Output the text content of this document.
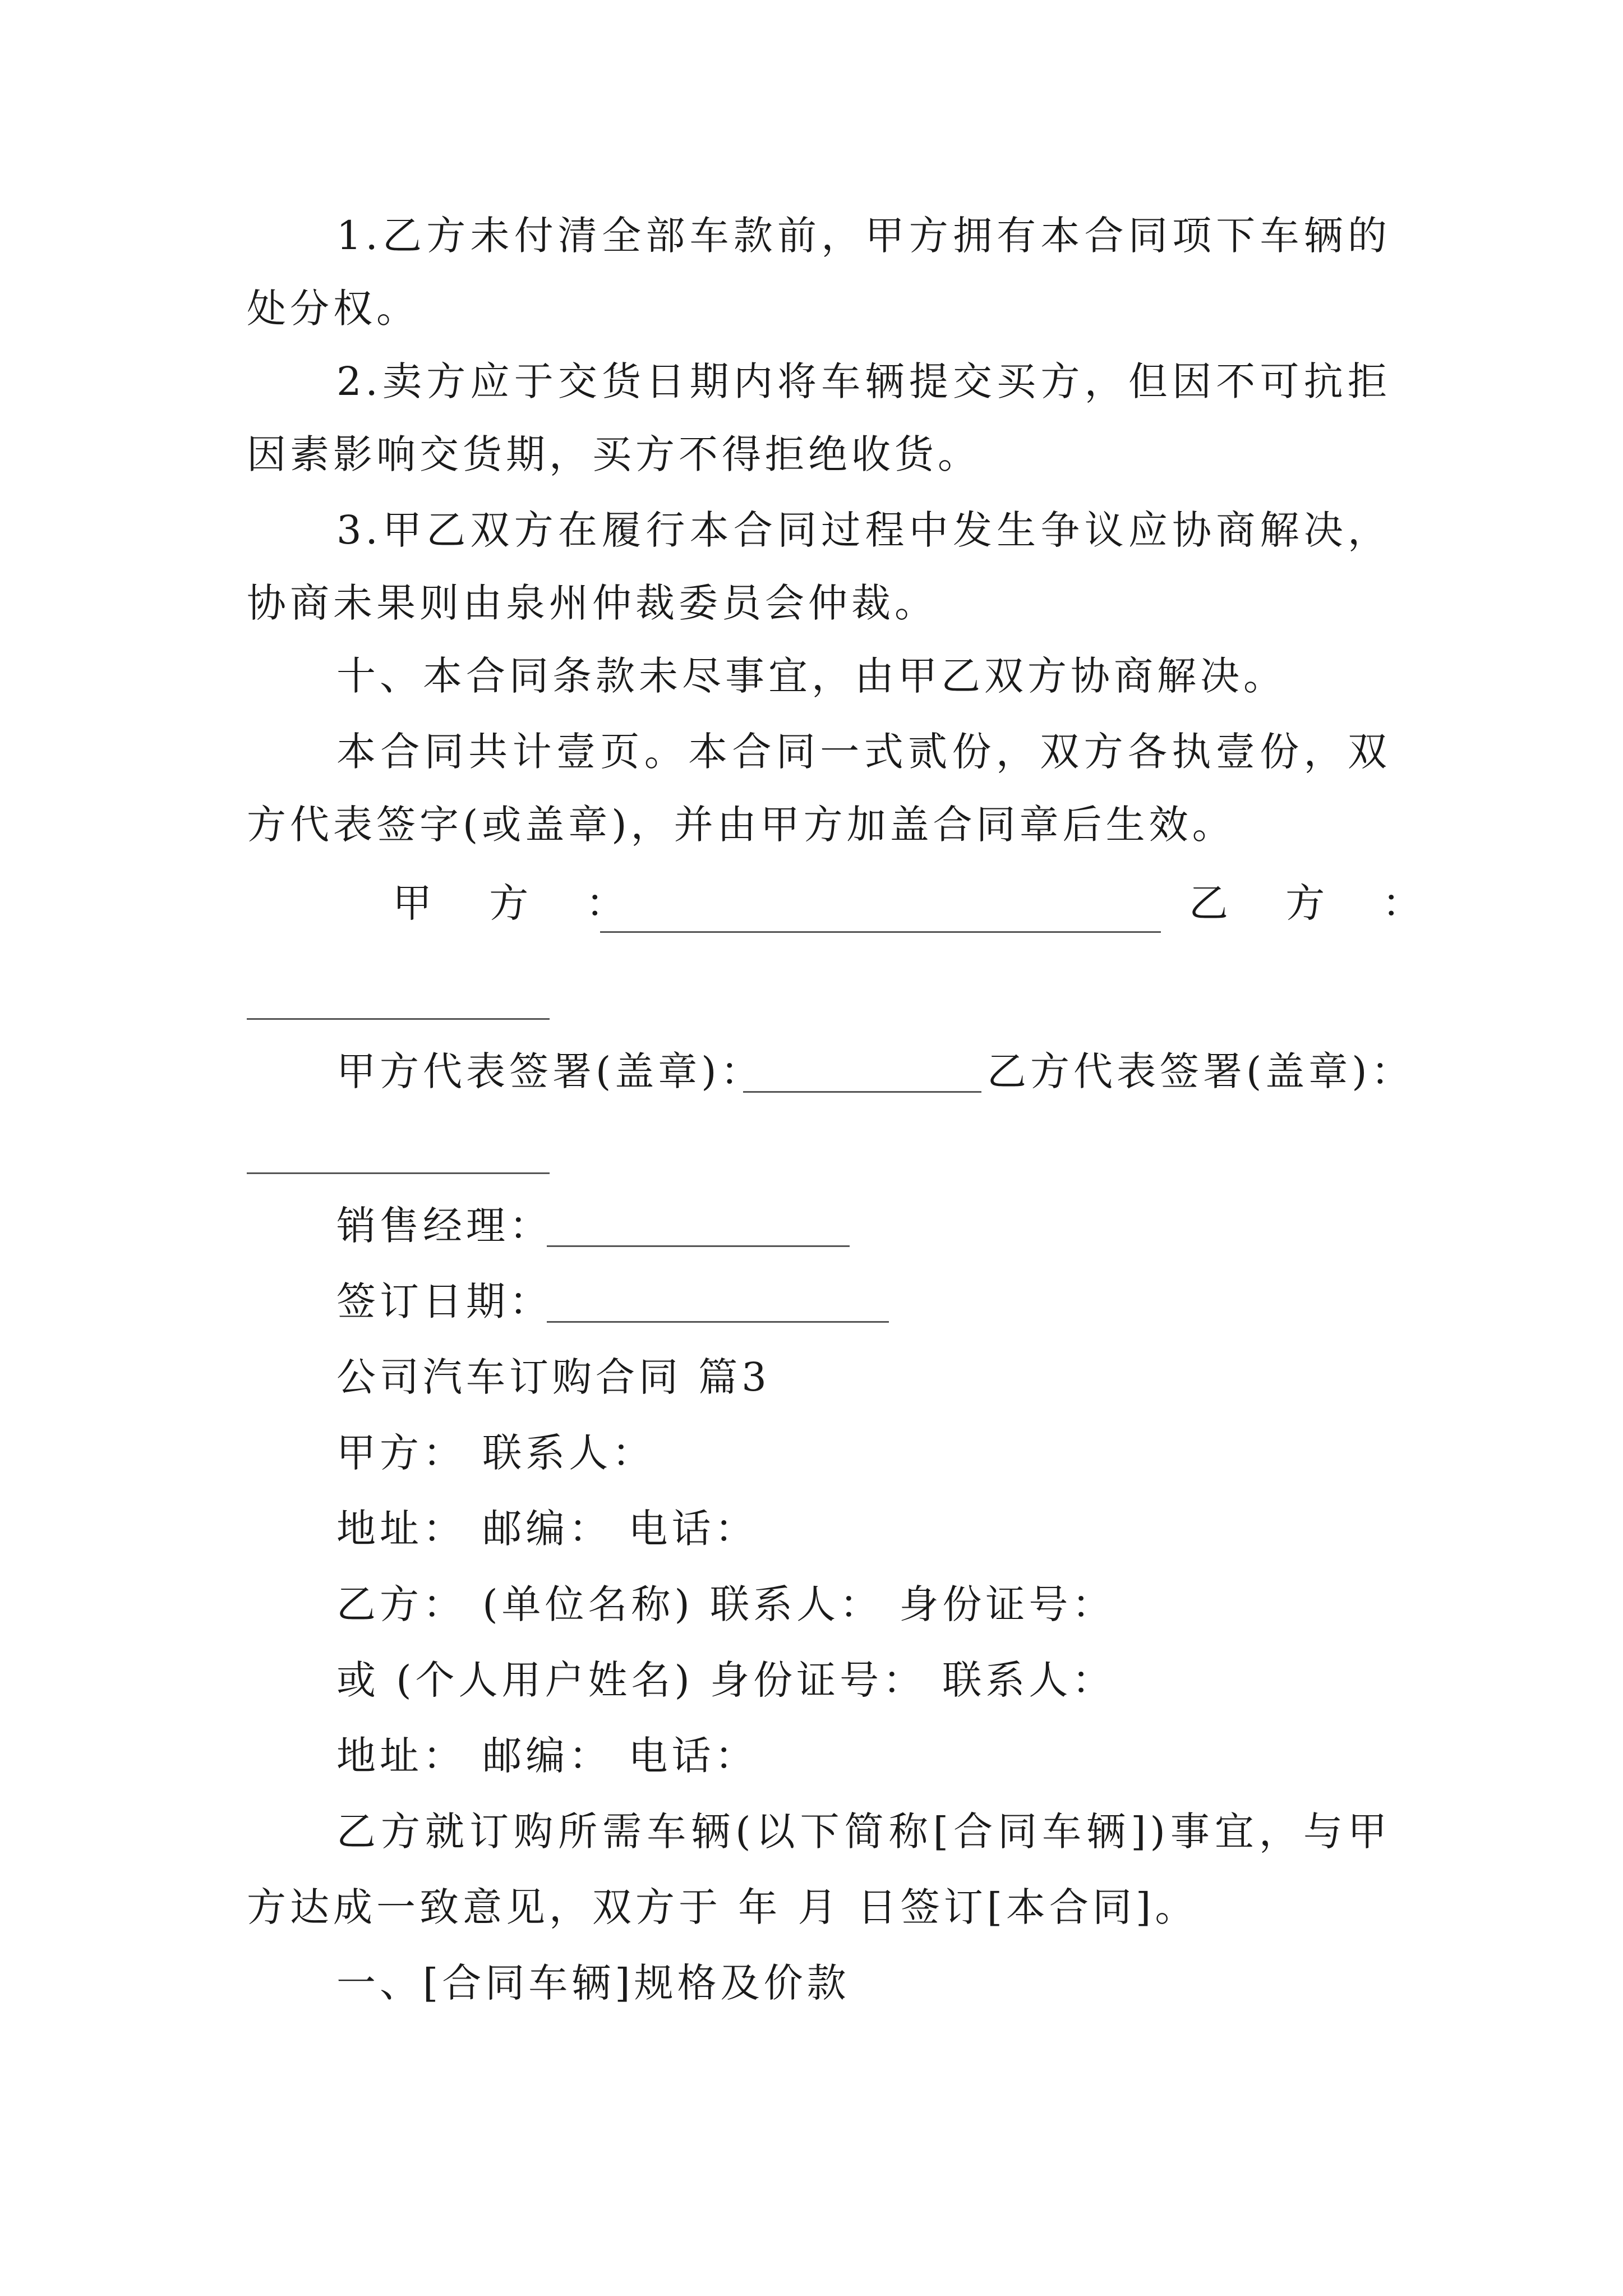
1.乙方未付清全部车款前，甲方拥有本合同项下车辆的
处分权。
2.卖方应于交货日期内将车辆提交买方，但因不可抗拒
因素影响交货期，买方不得拒绝收货。
3.甲乙双方在履行本合同过程中发生争议应协商解决，
协商未果则由泉州仲裁委员会仲裁。
十、本合同条款未尽事宜，由甲乙双方协商解决。
本合同共计壹页。本合同一式贰份，双方各执壹份，双
方代表签字(或盖章)，并由甲方加盖合同章后生效。
甲 方 ：	乙 方 ：
甲方代表签署(盖章)：	乙方代表签署(盖章)：
销售经理：
签订日期：
公司汽车订购合同 篇3
甲方： 联系人：
地址： 邮编： 电话：
乙方： (单位名称) 联系人： 身份证号：
或 (个人用户姓名) 身份证号： 联系人：
地址： 邮编： 电话：
乙方就订购所需车辆(以下简称[合同车辆])事宜，与甲
方达成一致意见，双方于 年 月 日签订[本合同]。
一、[合同车辆]规格及价款
